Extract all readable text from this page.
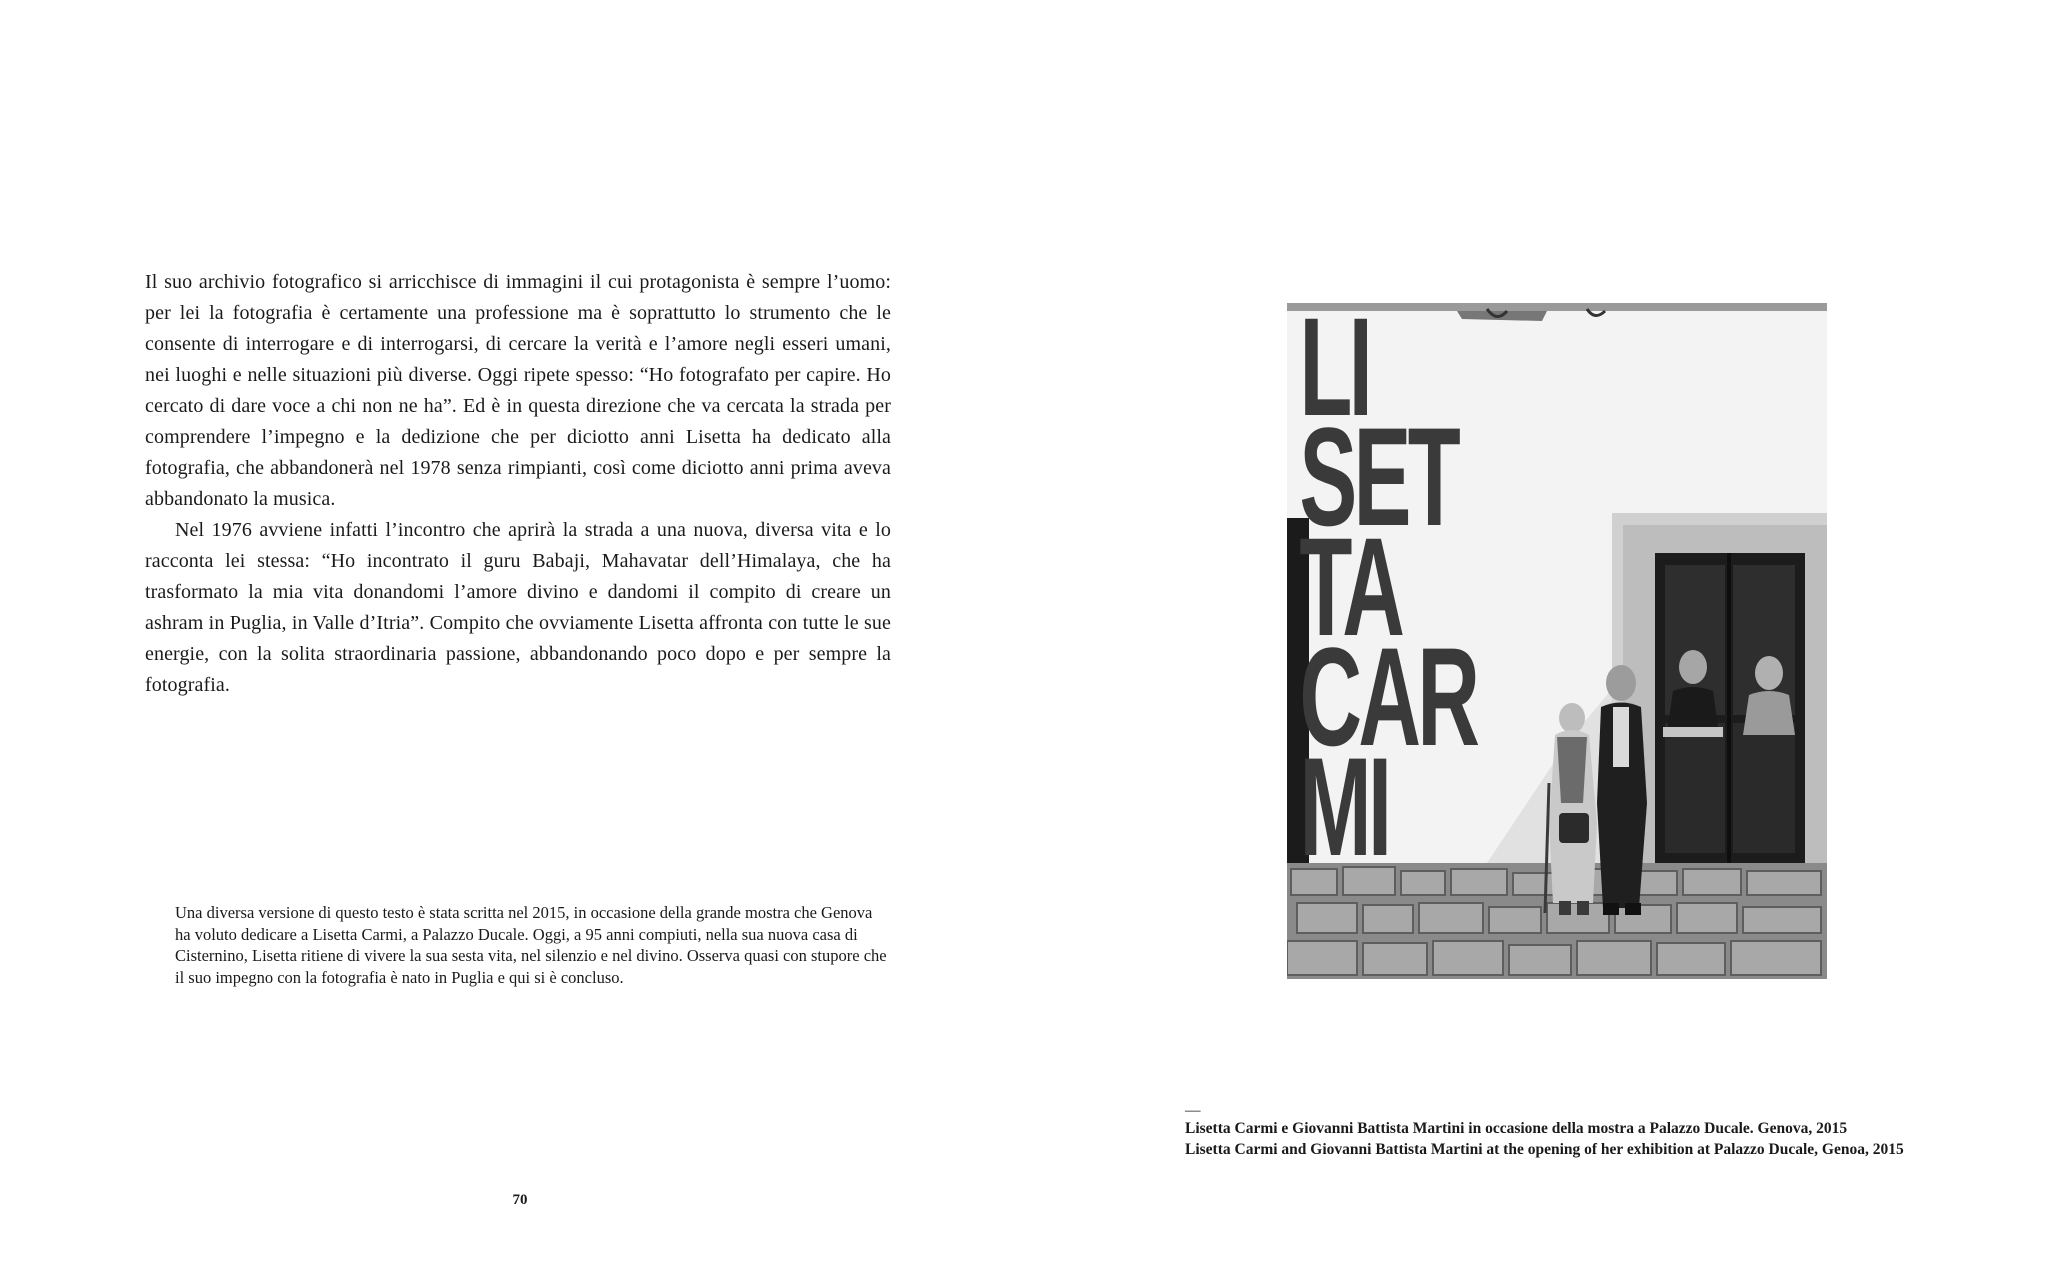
Il suo archivio fotografico si arricchisce di immagini il cui protagonista è sempre l’uomo: per lei la fotografia è certamente una professione ma è soprattutto lo strumento che le consente di interrogare e di interrogarsi, di cercare la verità e l’amore negli esseri umani, nei luoghi e nelle situazioni più diverse. Oggi ripete spesso: “Ho fotografato per capire. Ho cercato di dare voce a chi non ne ha”. Ed è in questa direzione che va cercata la strada per comprendere l’impegno e la dedizione che per diciotto anni Lisetta ha dedicato alla fotografia, che abbandonerà nel 1978 senza rimpianti, così come diciotto anni prima aveva abbandonato la musica.

Nel 1976 avviene infatti l’incontro che aprirà la strada a una nuova, diversa vita e lo racconta lei stessa: “Ho incontrato il guru Babaji, Mahavatar dell’Himalaya, che ha trasformato la mia vita donandomi l’amore divino e dandomi il compito di creare un ashram in Puglia, in Valle d’Itria”. Compito che ovviamente Lisetta affronta con tutte le sue energie, con la solita straordinaria passione, abbandonando poco dopo e per sempre la fotografia.

Una diversa versione di questo testo è stata scritta nel 2015, in occasione della grande mostra che Genova ha voluto dedicare a Lisetta Carmi, a Palazzo Ducale. Oggi, a 95 anni compiuti, nella sua nuova casa di Cisternino, Lisetta ritiene di vivere la sua sesta vita, nel silenzio e nel divino. Osserva quasi con stupore che il suo impegno con la fotografia è nato in Puglia e qui si è concluso.
70
LI
SET
TA
CAR
MI
—
Lisetta Carmi e Giovanni Battista Martini in occasione della mostra a Palazzo Ducale. Genova, 2015
Lisetta Carmi and Giovanni Battista Martini at the opening of her exhibition at Palazzo Ducale, Genoa, 2015
